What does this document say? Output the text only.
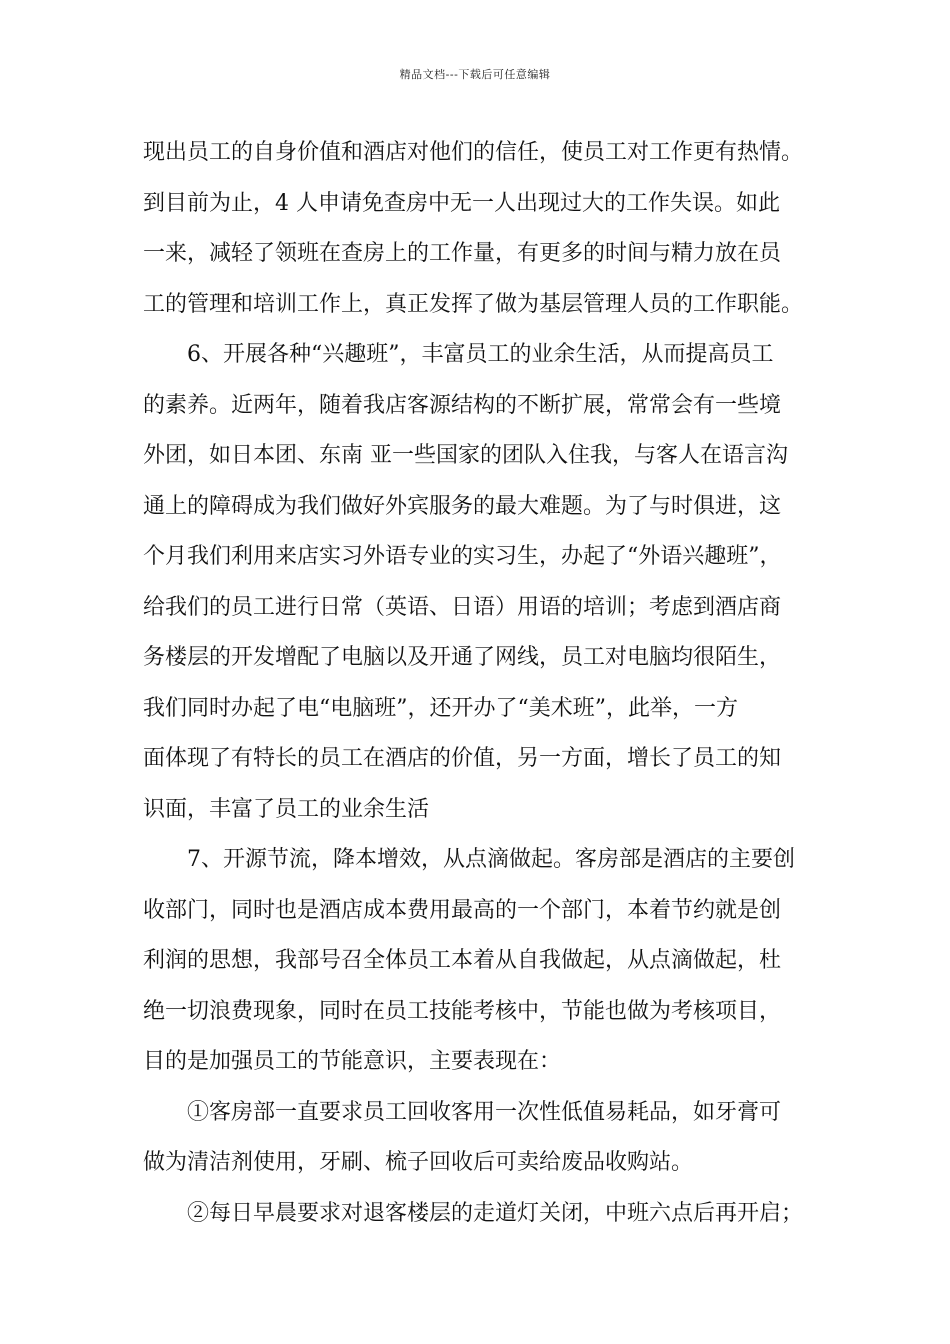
精品文档---下载后可任意编辑
现出员工的自身价值和酒店对他们的信任，使员工对工作更有热情。
到目前为止，4 人申请免查房中无一人出现过大的工作失误。如此
一来，减轻了领班在查房上的工作量，有更多的时间与精力放在员
工的管理和培训工作上，真正发挥了做为基层管理人员的工作职能。
6、开展各种“兴趣班”，丰富员工的业余生活，从而提高员工
的素养。近两年，随着我店客源结构的不断扩展，常常会有一些境
外团，如日本团、东南 亚一些国家的团队入住我，与客人在语言沟
通上的障碍成为我们做好外宾服务的最大难题。为了与时俱进，这
个月我们利用来店实习外语专业的实习生，办起了“外语兴趣班”，
给我们的员工进行日常（英语、日语）用语的培训；考虑到酒店商
务楼层的开发增配了电脑以及开通了网线，员工对电脑均很陌生，
我们同时办起了电“电脑班”，还开办了“美术班”，此举，一方
面体现了有特长的员工在酒店的价值，另一方面，增长了员工的知
识面，丰富了员工的业余生活
7、开源节流，降本增效，从点滴做起。客房部是酒店的主要创
收部门，同时也是酒店成本费用最高的一个部门，本着节约就是创
利润的思想，我部号召全体员工本着从自我做起，从点滴做起，杜
绝一切浪费现象，同时在员工技能考核中，节能也做为考核项目，
目的是加强员工的节能意识，主要表现在：
①客房部一直要求员工回收客用一次性低值易耗品，如牙膏可
做为清洁剂使用，牙刷、梳子回收后可卖给废品收购站。
②每日早晨要求对退客楼层的走道灯关闭，中班六点后再开启；
